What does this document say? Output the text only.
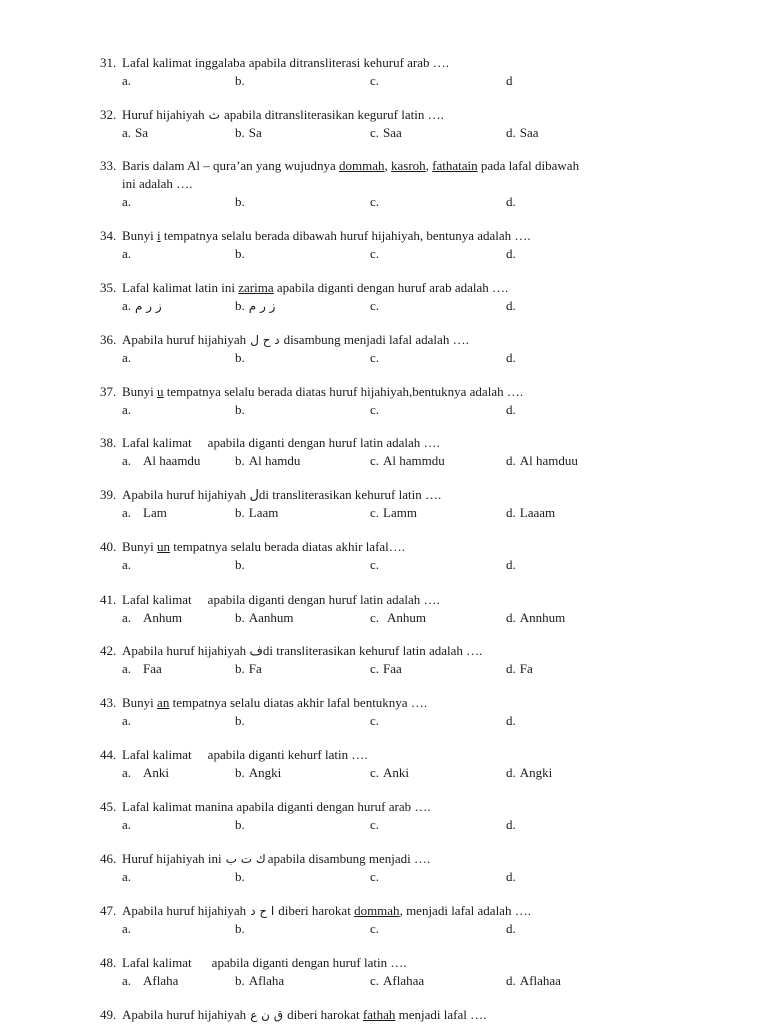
31. Lafal kalimat inggalaba apabila ditransliterasi kehuruf arab ….
a.	b.	c.	d
32. Huruf hijahiyah ث apabila ditransliterasikan keguruf latin ….
a. Sa	b. Sa	c. Saa	d. Saa
33. Baris dalam Al – qura’an yang wujudnya dommah, kasroh, fathatain pada lafal dibawah
ini adalah ….
a.	b.	c.	d.
34. Bunyi i tempatnya selalu berada dibawah huruf hijahiyah, bentunya adalah ….
a.	b.	c.	d.
35. Lafal kalimat latin ini zarima apabila diganti dengan huruf arab adalah ….
a. ز ر م	b. ز ر م	c.	d.
36. Apabila huruf hijahiyah د ح ل disambung menjadi lafal adalah ….
a.	b.	c.	d.
37. Bunyi u tempatnya selalu berada diatas huruf hijahiyah,bentuknya adalah ….
a.	b.	c.	d.
38. Lafal kalimat apabila diganti dengan huruf latin adalah ….
a. Al haamdu	b. Al hamdu	c. Al hammdu	d. Al hamduu
39. Apabila huruf hijahiyah لdi transliterasikan kehuruf latin ….
a. Lam	b. Laam	c. Lamm	d. Laaam
40. Bunyi un tempatnya selalu berada diatas akhir lafal….
a.	b.	c.	d.
41. Lafal kalimat apabila diganti dengan huruf latin adalah ….
a. Anhum	b. Aanhum	c. Anhum	d. Annhum
42. Apabila huruf hijahiyah فdi transliterasikan kehuruf latin adalah ….
a. Faa	b. Fa	c. Faa	d. Fa
43. Bunyi an tempatnya selalu diatas akhir lafal bentuknya ….
a.	b.	c.	d.
44. Lafal kalimat apabila diganti kehurf latin ….
a. Anki	b. Angki	c. Anki	d. Angki
45. Lafal kalimat manina apabila diganti dengan huruf arab ….
a.	b.	c.	d.
46. Huruf hijahiyah ini ك ت ب apabila disambung menjadi ….
a.	b.	c.	d.
47. Apabila huruf hijahiyah ا ح د diberi harokat dommah, menjadi lafal adalah ….
a.	b.	c.	d.
48. Lafal kalimat apabila diganti dengan huruf latin ….
a. Aflaha	b. Aflaha	c. Aflahaa	d. Aflahaa
49. Apabila huruf hijahiyah ق ن ع diberi harokat fathah menjadi lafal ….
